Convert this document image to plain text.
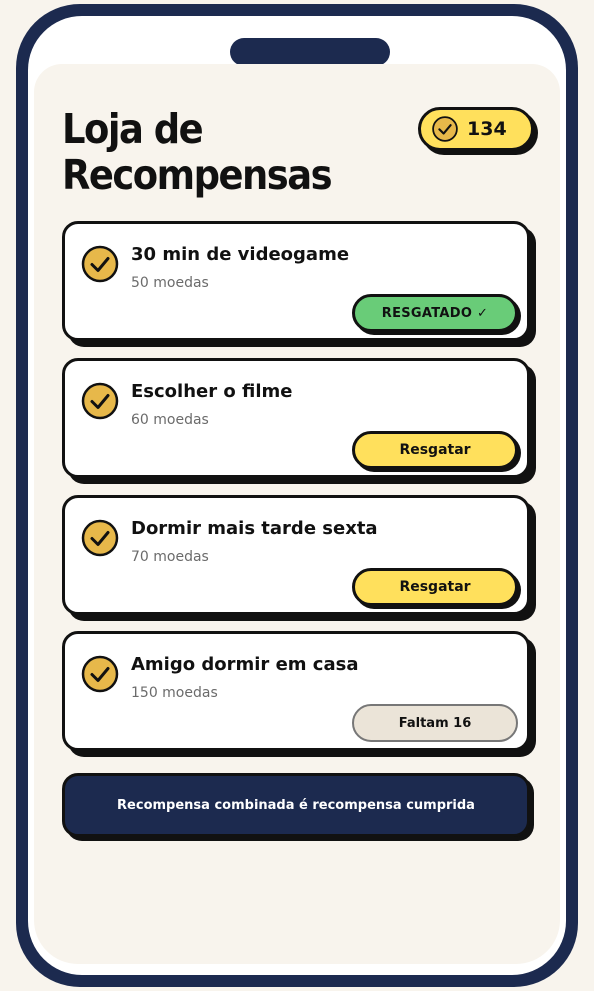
Loja de
Recompensas
134
30 min de videogame
50 moedas
RESGATADO ✓
Escolher o filme
60 moedas
Resgatar
Dormir mais tarde sexta
70 moedas
Resgatar
Amigo dormir em casa
150 moedas
Faltam 16
Recompensa combinada é recompensa cumprida
